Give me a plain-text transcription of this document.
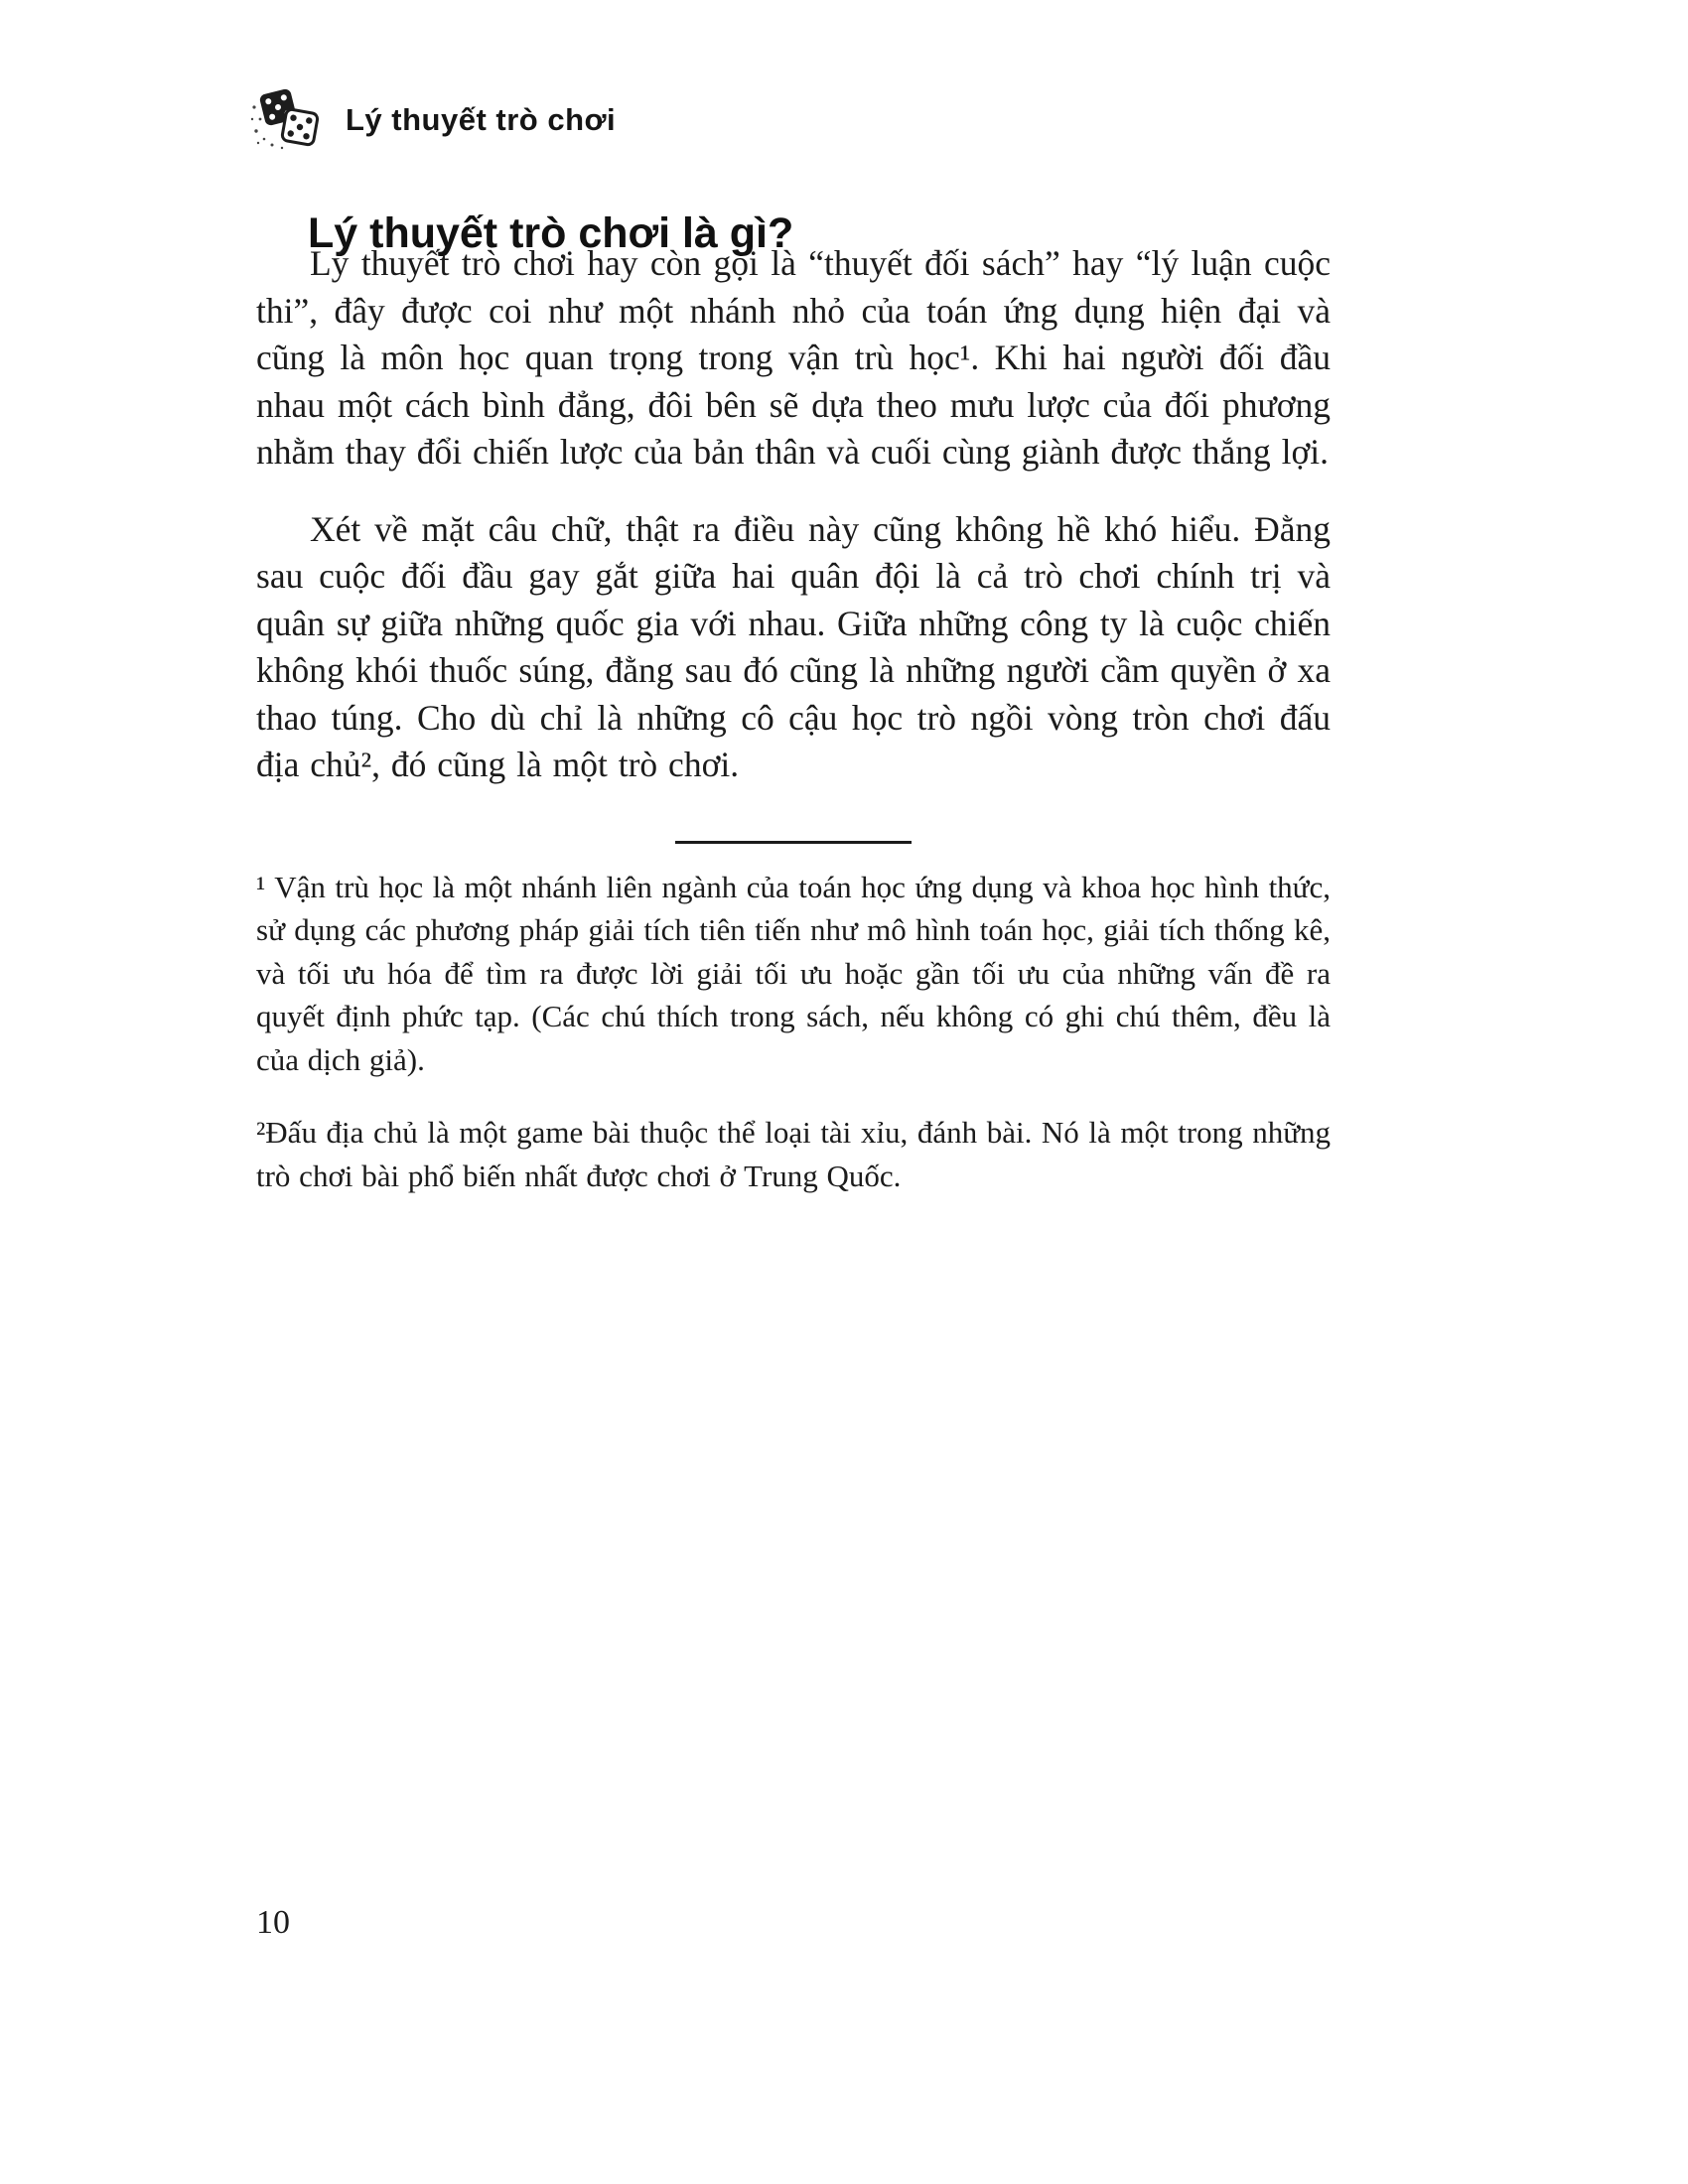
Lý thuyết trò chơi
Lý thuyết trò chơi là gì?

Lý thuyết trò chơi hay còn gọi là “thuyết đối sách” hay “lý luận cuộc thi”, đây được coi như một nhánh nhỏ của toán ứng dụng hiện đại và cũng là môn học quan trọng trong vận trù học¹. Khi hai người đối đầu nhau một cách bình đẳng, đôi bên sẽ dựa theo mưu lược của đối phương nhằm thay đổi chiến lược của bản thân và cuối cùng giành được thắng lợi.

Xét về mặt câu chữ, thật ra điều này cũng không hề khó hiểu. Đằng sau cuộc đối đầu gay gắt giữa hai quân đội là cả trò chơi chính trị và quân sự giữa những quốc gia với nhau. Giữa những công ty là cuộc chiến không khói thuốc súng, đằng sau đó cũng là những người cầm quyền ở xa thao túng. Cho dù chỉ là những cô cậu học trò ngồi vòng tròn chơi đấu địa chủ², đó cũng là một trò chơi.

¹ Vận trù học là một nhánh liên ngành của toán học ứng dụng và khoa học hình thức, sử dụng các phương pháp giải tích tiên tiến như mô hình toán học, giải tích thống kê, và tối ưu hóa để tìm ra được lời giải tối ưu hoặc gần tối ưu của những vấn đề ra quyết định phức tạp. (Các chú thích trong sách, nếu không có ghi chú thêm, đều là của dịch giả).

²Đấu địa chủ là một game bài thuộc thể loại tài xỉu, đánh bài. Nó là một trong những trò chơi bài phổ biến nhất được chơi ở Trung Quốc.

10
